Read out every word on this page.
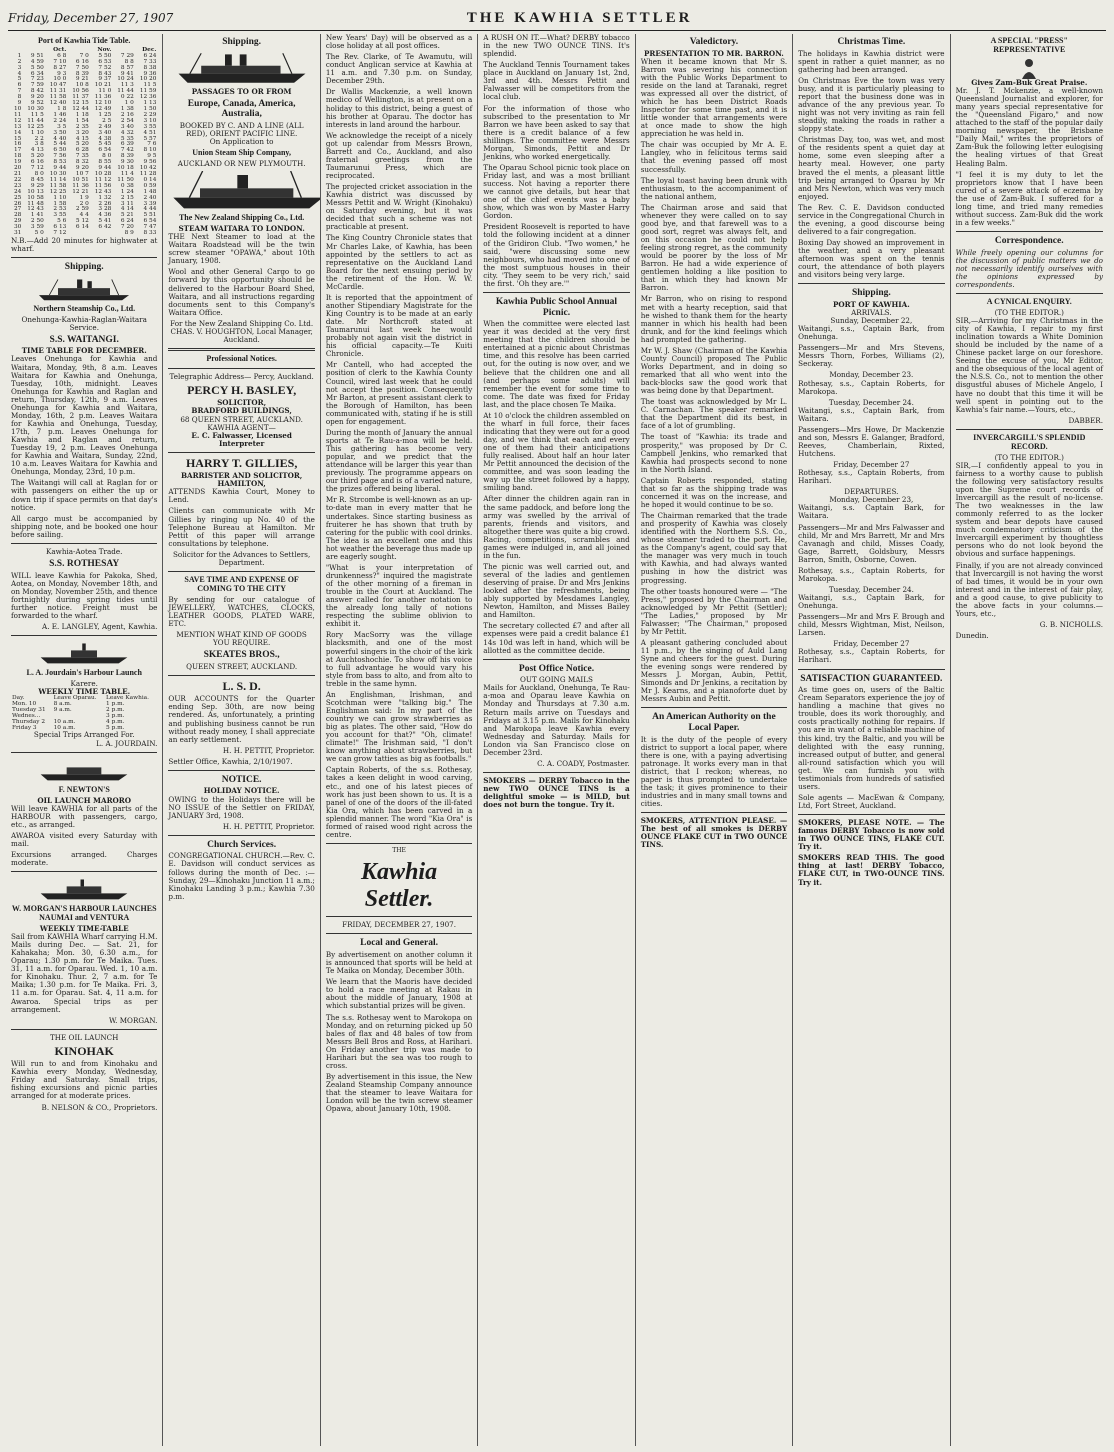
Friday, December 27, 1907	THE KAWHIA SETTLER
Port of Kawhia Tide Table.
	Oct.		Nov.		Dec.	
1	9 51	6 8	7 0	5 50	7 29	6 24
2	4 59	7 10	6 16	6 53	8 8	7 33
3	5 50	8 27	7 50	7 52	8 57	8 38
4	6 34	9 3	8 39	8 43	9 41	9 36
5	7 23	10 0	9 21	9 37	10 24	10 20
6	7 59	10 47	10 8	10 21	11 3	11 5
7	8 42	11 31	10 56	11 0	11 44	11 59
8	9 20	11 58	11 37	11 36	0 22	12 36
9	9 52	12 40	12 15	12 10	1 0	1 13
10	10 30	1 8	12 44	12 49	1 38	1 50
11	11 5	1 46	1 18	1 25	2 16	2 29
12	11 44	2 24	1 54	2 5	2 54	3 10
13	12 25	3 5	2 35	2 49	3 40	3 55
14	1 10	3 50	3 20	3 40	4 32	4 51
15	2 2	4 40	4 15	4 38	5 35	5 57
16	3 8	5 44	5 20	5 45	6 39	7 6
17	4 13	6 50	6 28	6 54	7 42	8 10
18	5 20	7 56	7 35	8 0	8 39	9 5
19	6 16	8 53	8 32	8 55	9 30	9 56
20	7 12	9 44	9 20	9 44	10 18	10 42
21	8 0	10 30	10 7	10 28	11 4	11 28
22	8 45	11 14	10 51	11 12	11 50	0 14
23	9 29	11 58	11 36	11 56	0 38	0 59
24	10 13	12 25	12 21	12 43	1 24	1 48
25	10 58	1 10	1 9	1 32	2 15	2 40
26	11 48	1 58	2 0	2 26	3 11	3 39
27	12 43	2 53	2 59	3 28	4 14	4 44
28	1 41	3 55	4 4	4 36	5 21	5 51
29	2 50	5 6	5 12	5 41	6 24	6 54
30	3 59	6 13	6 14	6 42	7 20	7 47
31	5 0	7 12			8 9	8 33

N.B.—Add 20 minutes for highwater at wharf.

Shipping.
Northern Steamship Co., Ltd.
Onehunga-Kawhia-Raglan-Waitara Service.
S.S. WAITANGI.
TIME TABLE FOR DECEMBER.

Leaves Onehunga for Kawhia and Waitara, Monday, 9th, 8 a.m. Leaves Waitara for Kawhia and Onehunga, Tuesday, 10th, midnight. Leaves Onehunga for Kawhia and Raglan and return, Thursday, 12th, 9 a.m. Leaves Onehunga for Kawhia and Waitara, Monday, 16th, 2 p.m. Leaves Waitara for Kawhia and Onehunga, Tuesday, 17th, 7 p.m. Leaves Onehunga for Kawhia and Raglan and return, Tuesday 19, 2 p.m. Leaves Onehunga for Kawhia and Waitara, Sunday, 22nd, 10 a.m. Leaves Waitara for Kawhia and Onehunga, Monday, 23rd, 10 p.m.

The Waitangi will call at Raglan for or with passengers on either the up or down trip if space permits on that day's notice.

All cargo must be accompanied by shipping note, and be booked one hour before sailing.

Kawhia-Aotea Trade.
S.S. ROTHESAY

WILL leave Kawhia for Pakoka, Shed, Aotea, on Monday, November 18th, and on Monday, November 25th, and thence fortnightly during spring tides until further notice. Freight must be forwarded to the wharf.

A. E. LANGLEY, Agent, Kawhia.

L. A. Jourdain's Harbour Launch
Karere.
WEEKLY TIME TABLE.
Day.	Leave Oparau.	Leave Kawhia.
Mon. 10	8 a.m.	1 p.m.
Tuesday 31	9 a.m.	2 p.m.
Wednes...		3 p.m.
Thursday 2	10 a.m.	4 p.m.
Friday 3	10 a.m.	5 p.m.
Special Trips Arranged For.

L. A. JOURDAIN.

F. NEWTON'S
OIL LAUNCH MARORO

Will leave KAWHIA for all parts of the HARBOUR with passengers, cargo, etc., as arranged.

AWAROA visited every Saturday with mail.

Excursions arranged. Charges moderate.

W. MORGAN'S HARBOUR LAUNCHES NAUMAI and VENTURA
WEEKLY TIME-TABLE

Sail from KAWHIA Wharf carrying H.M. Mails during Dec. — Sat. 21, for Kahakaha; Mon. 30, 6.30 a.m., for Oparau; 1.30 p.m. for Te Maika. Tues. 31, 11 a.m. for Oparau. Wed. 1, 10 a.m. for Kinohaku. Thur. 2, 7 a.m. for Te Maika; 1.30 p.m. for Te Maika. Fri. 3, 11 a.m. for Oparau. Sat. 4, 11 a.m. for Awaroa. Special trips as per arrangement.

W. MORGAN.

THE OIL LAUNCH
KINOHAK

Will run to and from Kinohaku and Kawhia every Monday, Wednesday, Friday and Saturday. Small trips, fishing excursions and picnic parties arranged for at moderate prices.

B. NELSON & CO., Proprietors.

Shipping.
PASSAGES TO OR FROM
Europe, Canada, America, Australia,
BOOKED BY C. AND A LINE (ALL RED), ORIENT PACIFIC LINE.
On Application to
Union Steam Ship Company,
AUCKLAND OR NEW PLYMOUTH.
The New Zealand Shipping Co., Ltd.
STEAM WAITARA TO LONDON.

THE Next Steamer to load at the Waitara Roadstead will be the twin screw steamer "OPAWA," about 10th January, 1908.

Wool and other General Cargo to go forward by this opportunity should be delivered to the Harbour Board Shed, Waitara, and all instructions regarding documents sent to this Company's Waitara Office.

For the New Zealand Shipping Co. Ltd.
CHAS. V. HOUGHTON, Local Manager, Auckland.
Professional Notices.
Telegraphic Address— Percy, Auckland.
PERCY H. BASLEY,
SOLICITOR,
BRADFORD BUILDINGS,
68 QUEEN STREET, AUCKLAND.
KAWHIA AGENT—
E. C. Falwasser, Licensed Interpreter
HARRY T. GILLIES,
BARRISTER AND SOLICITOR,
HAMILTON,

ATTENDS Kawhia Court, Money to Lend.

Clients can communicate with Mr Gillies by ringing up No. 40 of the Telephone Bureau at Hamilton. Mr Pettit of this paper will arrange consultations by telephone.

Solicitor for the Advances to Settlers, Department.
SAVE TIME AND EXPENSE OF COMING TO THE CITY

By sending for our catalogue of JEWELLERY, WATCHES, CLOCKS, LEATHER GOODS, PLATED WARE, ETC.

MENTION WHAT KIND OF GOODS YOU REQUIRE.
SKEATES BROS.,
QUEEN STREET, AUCKLAND.
L. S. D.

OUR ACCOUNTS for the Quarter ending Sep. 30th, are now being rendered. As, unfortunately, a printing and publishing business cannot be run without ready money, I shall appreciate an early settlement.

H. H. PETTIT, Proprietor.

Settler Office, Kawhia, 2/10/1907.

NOTICE.
HOLIDAY NOTICE.

OWING to the Holidays there will be NO ISSUE of the Settler on FRIDAY, JANUARY 3rd, 1908.

H. H. PETTIT, Proprietor.

Church Services.

CONGREGATIONAL CHURCH.—Rev. C. E. Davidson will conduct services as follows during the month of Dec. :— Sunday, 29—Kinohaku Junction 11 a.m.; Kinohaku Landing 3 p.m.; Kawhia 7.30 p.m.

New Years' Day) will be observed as a close holiday at all post offices.

The Rev. Clarke, of Te Awamutu, will conduct Anglican service at Kawhia at 11 a.m. and 7.30 p.m. on Sunday, December 29th.

Dr Wallis Mackenzie, a well known medico of Wellington, is at present on a holiday to this district, being a guest of his brother at Oparau. The doctor has interests in land around the harbour.

We acknowledge the receipt of a nicely got up calendar from Messrs Brown, Barrett and Co., Auckland, and also fraternal greetings from the Taumarunui Press, which are reciprocated.

The projected cricket association in the Kawhia district was discussed by Messrs Pettit and W. Wright (Kinohaku) on Saturday evening, but it was decided that such a scheme was not practicable at present.

The King Country Chronicle states that Mr Charles Lake, of Kawhia, has been appointed by the settlers to act as representative on the Auckland Land Board for the next ensuing period by the retirement of the Hon. W. W. McCardle.

It is reported that the appointment of another Stipendiary Magistrate for the King Country is to be made at an early date. Mr Northcroft stated at Taumarunui last week he would probably not again visit the district in his official capacity.—Te Kuiti Chronicle.

Mr Cantell, who had accepted the position of clerk to the Kawhia County Council, wired last week that he could not accept the position. Consequently Mr Barton, at present assistant clerk to the Borough of Hamilton, has been communicated with, stating if he is still open for engagement.

During the month of January the annual sports at Te Rau-a-moa will be held. This gathering has become very popular, and we predict that the attendance will be larger this year than previously. The programme appears on our third page and is of a varied nature, the prizes offered being liberal.

Mr R. Strcombe is well-known as an up-to-date man in every matter that he undertakes. Since starting business as fruiterer he has shown that truth by catering for the public with cool drinks. The idea is an excellent one and this hot weather the beverage thus made up are eagerly sought.

"What is your interpretation of drunkenness?" inquired the magistrate of the other morning of a fireman in trouble in the Court at Auckland. The answer called for another notation to the already long tally of notions respecting the sublime oblivion to exhibit it.

Rory MacSorry was the village blacksmith, and one of the most powerful singers in the choir of the kirk at Auchtoshochie. To show off his voice to full advantage he would vary his style from bass to alto, and from alto to treble in the same hymn.

An Englishman, Irishman, and Scotchman were "talking big." The Englishman said: In my part of the country we can grow strawberries as big as plates. The other said, "How do you account for that?" "Oh, climate! climate!" The Irishman said, "I don't know anything about strawberries, but we can grow tatties as big as footballs."

Captain Roberts, of the s.s. Rothesay, takes a keen delight in wood carving, etc., and one of his latest pieces of work has just been shown to us. It is a panel of one of the doors of the ill-fated Kia Ora, which has been carved in a splendid manner. The word "Kia Ora" is formed of raised wood right across the centre.

THE
Kawhia Settler.
FRIDAY, DECEMBER 27, 1907.
Local and General.

By advertisement on another column it is announced that sports will be held at Te Maika on Monday, December 30th.

We learn that the Maoris have decided to hold a race meeting at Rakau in about the middle of January, 1908 at which substantial prizes will be given.

The s.s. Rothesay went to Marokopa on Monday, and on returning picked up 50 bales of flax and 48 bales of tow from Messrs Bell Bros and Ross, at Harihari. On Friday another trip was made to Harihari but the sea was too rough to cross.

By advertisement in this issue, the New Zealand Steamship Company announce that the steamer to leave Waitara for London will be the twin screw steamer Opawa, about January 10th, 1908.

A RUSH ON IT.—What? DERBY tobacco in the new TWO OUNCE TINS. It's splendid.

The Auckland Tennis Tournament takes place in Auckland on January 1st, 2nd, 3rd and 4th. Messrs Pettit and Falwasser will be competitors from the local club.

For the information of those who subscribed to the presentation to Mr Barron we have been asked to say that there is a credit balance of a few shillings. The committee were Messrs Morgan, Simonds, Pettit and Dr Jenkins, who worked energetically.

The Oparau School picnic took place on Friday last, and was a most brilliant success. Not having a reporter there we cannot give details, but hear that one of the chief events was a baby show, which was won by Master Harry Gordon.

President Roosevelt is reported to have told the following incident at a dinner of the Gridiron Club. "Two women," he said, "were discussing some new neighbours, who had moved into one of the most sumptuous houses in their city. 'They seem to be very rich,' said the first. 'Oh they are.'"

Kawhia Public School Annual Picnic.

When the committee were elected last year it was decided at the very first meeting that the children should be entertained at a picnic about Christmas time, and this resolve has been carried out, for the outing is now over, and we believe that the children one and all (and perhaps some adults) will remember the event for some time to come. The date was fixed for Friday last, and the place chosen Te Maika.

At 10 o'clock the children assembled on the wharf in full force, their faces indicating that they were out for a good day, and we think that each and every one of them had their anticipations fully realised. About half an hour later Mr Pettit announced the decision of the committee, and was soon leading the way up the street followed by a happy, smiling band.

After dinner the children again ran in the same paddock, and before long the army was swelled by the arrival of parents, friends and visitors, and altogether there was quite a big crowd. Racing, competitions, scrambles and games were indulged in, and all joined in the fun.

The picnic was well carried out, and several of the ladies and gentlemen deserving of praise. Dr and Mrs Jenkins looked after the refreshments, being ably supported by Mesdames Langley, Newton, Hamilton, and Misses Bailey and Hamilton.

The secretary collected £7 and after all expenses were paid a credit balance £1 14s 10d was left in hand, which will be allotted as the committee decide.

Post Office Notice.
OUT GOING MAILS

Mails for Auckland, Onehunga, Te Rau-a-moa and Oparau leave Kawhia on Monday and Thursdays at 7.30 a.m. Return mails arrive on Tuesdays and Fridays at 3.15 p.m. Mails for Kinohaku and Marokopa leave Kawhia every Wednesday and Saturday. Mails for London via San Francisco close on December 23rd.

C. A. COADY, Postmaster.

SMOKERS — DERBY Tobacco in the new TWO OUNCE TINS is a delightful smoke — is MILD, but does not burn the tongue. Try it.

Valedictory.
PRESENTATION TO MR. BARRON.

When it became known that Mr S. Barron was severing his connection with the Public Works Department to reside on the land at Taranaki, regret was expressed all over the district, of which he has been District Roads Inspector for some time past, and it is little wonder that arrangements were at once made to show the high appreciation he was held in.

The chair was occupied by Mr A. E. Langley, who in felicitous terms said that the evening passed off most successfully.

The loyal toast having been drunk with enthusiasm, to the accompaniment of the national anthem,

The Chairman arose and said that whenever they were called on to say good bye, and that farewell was to a good sort, regret was always felt, and on this occasion he could not help feeling strong regret, as the community would be poorer by the loss of Mr Barron. He had a wide experience of gentlemen holding a like position to that in which they had known Mr Barron.

Mr Barron, who on rising to respond met with a hearty reception, said that he wished to thank them for the hearty manner in which his health had been drunk, and for the kind feelings which had prompted the gathering.

Mr W. J. Shaw (Chairman of the Kawhia County Council) proposed The Public Works Department, and in doing so remarked that all who went into the back-blocks saw the good work that was being done by that Department.

The toast was acknowledged by Mr L. C. Carnachan. The speaker remarked that the Department did its best, in face of a lot of grumbling.

The toast of "Kawhia: its trade and prosperity," was proposed by Dr C. Campbell Jenkins, who remarked that Kawhia had prospects second to none in the North Island.

Captain Roberts responded, stating that so far as the shipping trade was concerned it was on the increase, and he hoped it would continue to be so.

The Chairman remarked that the trade and prosperity of Kawhia was closely identified with the Northern S.S. Co., whose steamer traded to the port. He, as the Company's agent, could say that the manager was very much in touch with Kawhia, and had always wanted pushing in how the district was progressing.

The other toasts honoured were — "The Press," proposed by the Chairman and acknowledged by Mr Pettit (Settler); "The Ladies," proposed by Mr Falwasser; "The Chairman," proposed by Mr Pettit.

A pleasant gathering concluded about 11 p.m., by the singing of Auld Lang Syne and cheers for the guest. During the evening songs were rendered by Messrs J. Morgan, Aubin, Pettit, Simonds and Dr Jenkins, a recitation by Mr J. Kearns, and a pianoforte duet by Messrs Aubin and Pettit.

An American Authority on the Local Paper.

It is the duty of the people of every district to support a local paper, where there is one, with a paying advertising patronage. It works every man in that district, that I reckon; whereas, no paper is thus prompted to undertake the task; it gives prominence to their industries and in many small towns and cities.

SMOKERS, ATTENTION PLEASE. — The best of all smokes is DERBY OUNCE FLAKE CUT in TWO OUNCE TINS.

Christmas Time.

The holidays in Kawhia district were spent in rather a quiet manner, as no gathering had been arranged.

On Christmas Eve the town was very busy, and it is particularly pleasing to report that the business done was in advance of the any previous year. To night was not very inviting as rain fell steadily, making the roads in rather a sloppy state.

Christmas Day, too, was wet, and most of the residents spent a quiet day at home, some even sleeping after a hearty meal. However, one party braved the el ments, a pleasant little trip being arranged to Oparau by Mr and Mrs Newton, which was very much enjoyed.

The Rev. C. E. Davidson conducted service in the Congregational Church in the evening, a good discourse being delivered to a fair congregation.

Boxing Day showed an improvement in the weather, and a very pleasant afternoon was spent on the tennis court, the attendance of both players and visitors being very large.

Shipping.
PORT OF KAWHIA.
ARRIVALS.
Sunday, December 22,

Waitangi, s.s., Captain Bark, from Onehunga.

Passengers—Mr and Mrs Stevens, Messrs Thorn, Forbes, Williams (2), Seckeray.

Monday, December 23.

Rothesay, s.s., Captain Roberts, for Marokopa.

Tuesday, December 24.

Waitangi, s.s., Captain Bark, from Waitara.

Passengers—Mrs Howe, Dr Mackenzie and son, Messrs E. Galanger, Bradford, Reeves, Chamberlain, Rixted, Hutchens.

Friday, December 27

Rothesay, s.s., Captain Roberts, from Harihari.

DEPARTURES.
Monday, December 23,

Waitangi, s.s. Captain Bark, for Waitara.

Passengers—Mr and Mrs Falwasser and child, Mr and Mrs Barrett, Mr and Mrs Cavanagh and child, Misses Coady, Gage, Barrett, Goldsbury, Messrs Barron, Smith, Osborne, Cowen.

Rothesay, s.s., Captain Roberts, for Marokopa.

Tuesday, December 24.

Waitangi, s.s., Captain Bark, for Onehunga.

Passengers—Mr and Mrs F. Brough and child, Messrs Wightman, Mist, Neilson, Larsen.

Friday, December 27

Rothesay, s.s., Captain Roberts, for Harihari.

SATISFACTION GUARANTEED.

As time goes on, users of the Baltic Cream Separators experience the joy of handling a machine that gives no trouble, does its work thoroughly, and costs practically nothing for repairs. If you are in want of a reliable machine of this kind, try the Baltic, and you will be delighted with the easy running, increased output of butter, and general all-round satisfaction which you will get. We can furnish you with testimonials from hundreds of satisfied users.

Sole agents — MacEwan & Company, Ltd, Fort Street, Auckland.

SMOKERS, PLEASE NOTE. — The famous DERBY Tobacco is now sold in TWO OUNCE TINS, FLAKE CUT. Try it.

SMOKERS READ THIS. The good thing at last! DERBY Tobacco, FLAKE CUT, in TWO-OUNCE TINS. Try it.

A SPECIAL "PRESS" REPRESENTATIVE
Gives Zam-Buk Great Praise.

Mr. J. T. Mckenzie, a well-known Queensland Journalist and explorer, for many years special representative for the "Queensland Figaro," and now attached to the staff of the popular daily morning newspaper, the Brisbane "Daily Mail," writes the proprietors of Zam-Buk the following letter eulogising the healing virtues of that Great Healing Balm.

"I feel it is my duty to let the proprietors know that I have been cured of a severe attack of eczema by the use of Zam-Buk. I suffered for a long time, and tried many remedies without success. Zam-Buk did the work in a few weeks."

Correspondence.

While freely opening our columns for the discussion of public matters we do not necessarily identify ourselves with the opinions expressed by correspondents.

A CYNICAL ENQUIRY.
(TO THE EDITOR.)

SIR,—Arriving for my Christmas in the city of Kawhia, I repair to my first inclination towards a White Dominion should be included by the name of a Chinese packet large on our foreshore. Seeing the excuse of you, Mr Editor, and the obsequious of the local agent of the N.S.S. Co., not to mention the other disgustful abuses of Michele Angelo, I have no doubt that this time it will be well spent in pointing out to the Kawhia's fair name.—Yours, etc.,

DABBER.

INVERCARGILL'S SPLENDID RECORD.
(TO THE EDITOR.)

SIR,—I confidently appeal to you in fairness to a worthy cause to publish the following very satisfactory results upon the Supreme court records of Invercargill as the result of no-license. The two weaknesses in the law commonly referred to as the locker system and bear depots have caused much condemnatory criticism of the Invercargill experiment by thoughtless persons who do not look beyond the obvious and surface happenings.

Finally, if you are not already convinced that Invercargill is not having the worst of bad times, it would be in your own interest and in the interest of fair play, and a good cause, to give publicity to the above facts in your columns.—Yours, etc.,

G. B. NICHOLLS.

Dunedin.
